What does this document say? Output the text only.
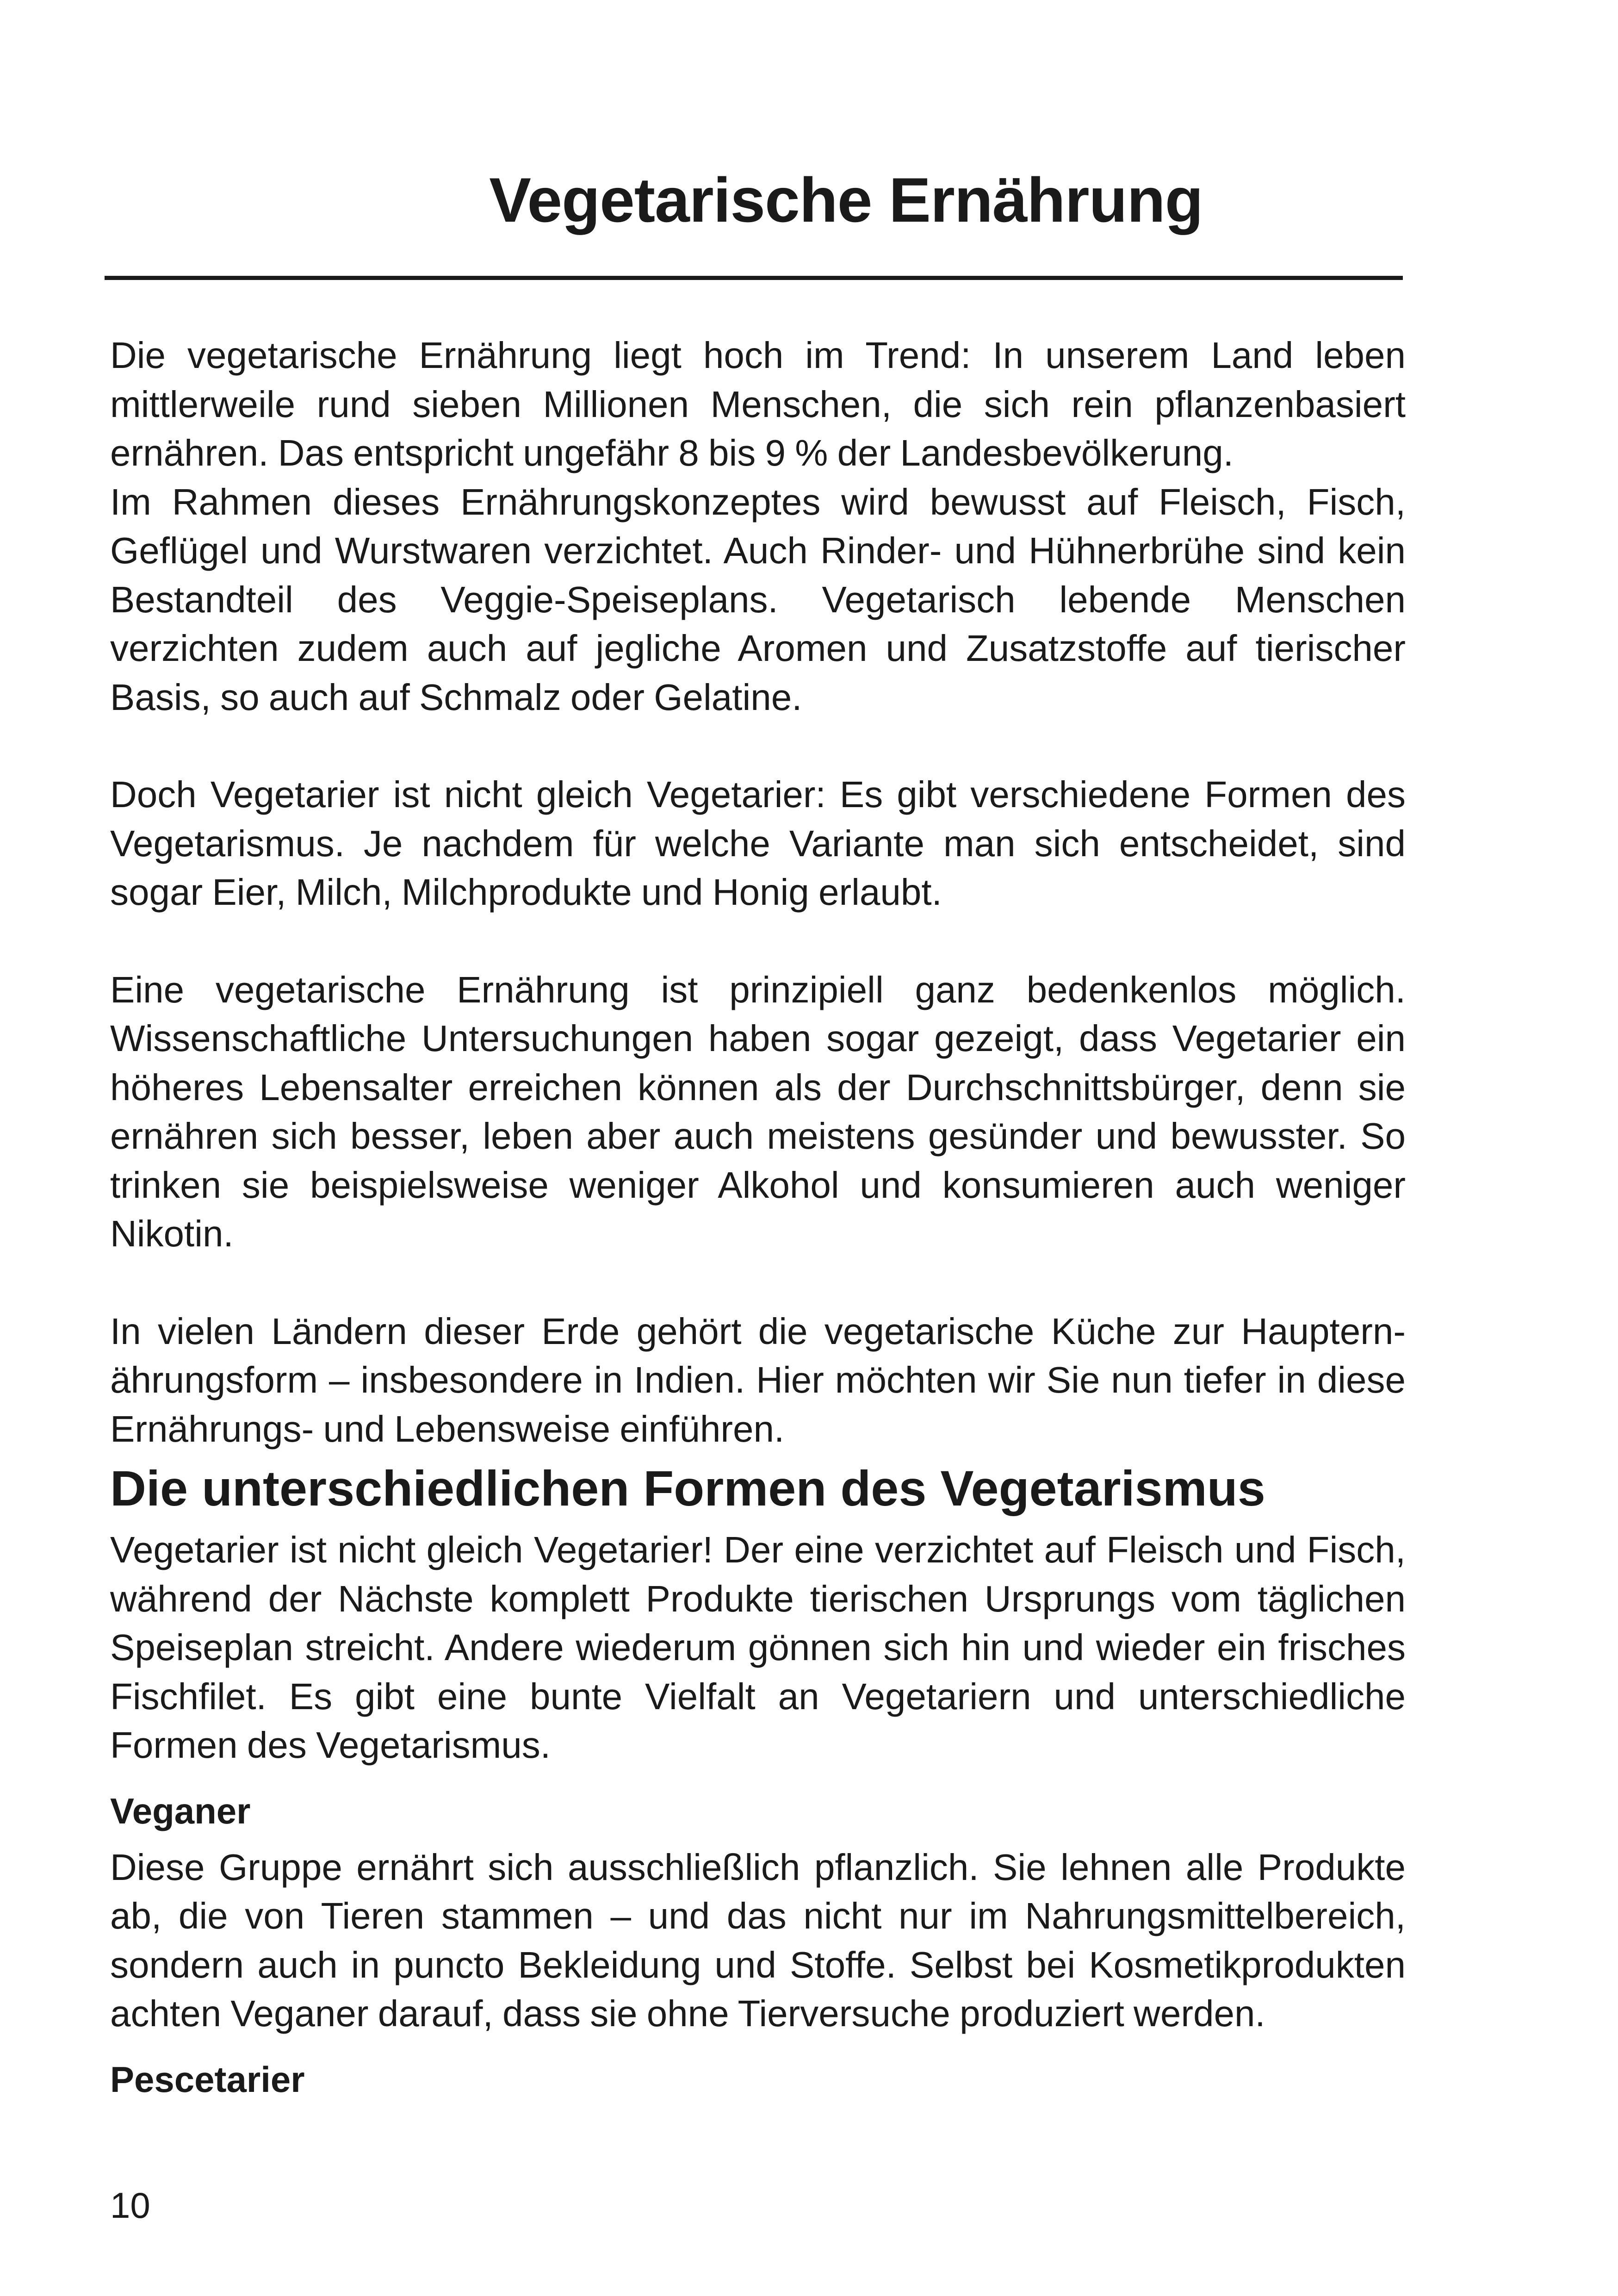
Vegetarische Ernährung

Die vegetarische Ernährung liegt hoch im Trend: In unserem Land leben mittlerweile rund sieben Millionen Menschen, die sich rein pflanzenbasiert ernähren. Das entspricht ungefähr 8 bis 9 % der Landesbevölkerung.

Im Rahmen dieses Ernährungskonzeptes wird bewusst auf Fleisch, Fisch, Geflügel und Wurstwaren verzichtet. Auch Rinder- und Hühnerbrühe sind kein Bestandteil des Veggie-Speiseplans. Vegetarisch lebende Menschen verzichten zudem auch auf jegliche Aromen und Zusatzstoffe auf tierischer Basis, so auch auf Schmalz oder Gelatine.

Doch Vegetarier ist nicht gleich Vegetarier: Es gibt verschiedene Formen des Vegetarismus. Je nachdem für welche Variante man sich entscheidet, sind sogar Eier, Milch, Milchprodukte und Honig erlaubt.

Eine vegetarische Ernährung ist prinzipiell ganz bedenkenlos möglich. Wissenschaftliche Untersuchungen haben sogar gezeigt, dass Vegetarier ein höheres Lebensalter erreichen können als der Durchschnittsbürger, denn sie ernähren sich besser, leben aber auch meistens gesünder und bewusster. So trinken sie beispielsweise weniger Alkohol und konsumieren auch weniger Nikotin.

In vielen Ländern dieser Erde gehört die vegetarische Küche zur Haupternährungsform – insbesondere in Indien. Hier möchten wir Sie nun tiefer in diese Ernährungs- und Lebensweise einführen.

Die unterschiedlichen Formen des Vegetarismus

Vegetarier ist nicht gleich Vegetarier! Der eine verzichtet auf Fleisch und Fisch, während der Nächste komplett Produkte tierischen Ursprungs vom täglichen Speiseplan streicht. Andere wiederum gönnen sich hin und wieder ein frisches Fischfilet. Es gibt eine bunte Vielfalt an Vegetariern und unterschiedliche Formen des Vegetarismus.

Veganer

Diese Gruppe ernährt sich ausschließlich pflanzlich. Sie lehnen alle Produkte ab, die von Tieren stammen – und das nicht nur im Nahrungsmittelbereich, sondern auch in puncto Bekleidung und Stoffe. Selbst bei Kosmetikprodukten achten Veganer darauf, dass sie ohne Tierversuche produziert werden.

Pescetarier
10
